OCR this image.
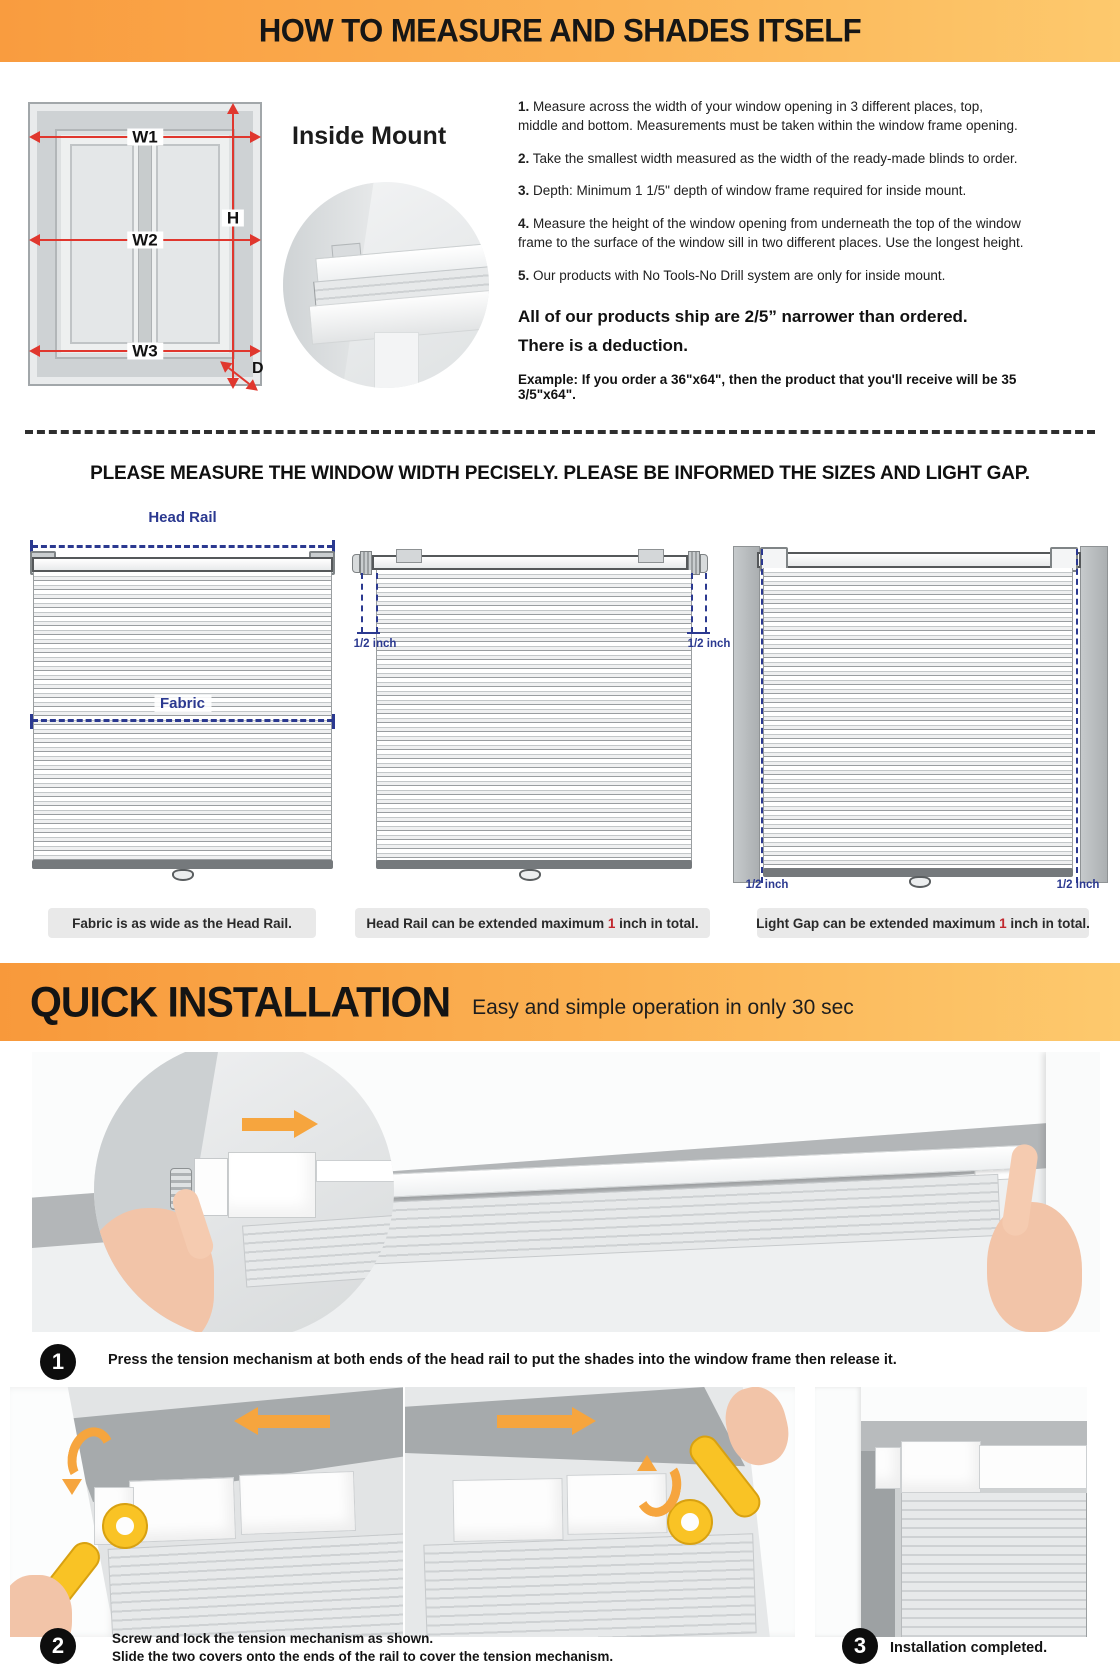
HOW TO MEASURE AND SHADES ITSELF
W1
W2
W3
H
D
Inside Mount

1. Measure across the width of your window opening in 3 different places, top, middle and bottom. Measurements must be taken within the window frame opening.

2. Take the smallest width measured as the width of the ready-made blinds to order.

3. Depth: Minimum 1 1/5" depth of window frame required for inside mount.

4. Measure the height of the window opening from underneath the top of the window frame to the surface of the window sill in two different places. Use the longest height.

5. Our products with No Tools-No Drill system are only for inside mount.

All of our products ship are 2/5” narrower than ordered.

There is a deduction.

Example: If you order a 36"x64", then the product that you'll receive will be 35 3/5"x64".

PLEASE MEASURE THE WINDOW WIDTH PECISELY. PLEASE BE INFORMED THE SIZES AND LIGHT GAP.
Head Rail
Fabric
1/2 inch	1/2 inch
1/2 inch	1/2 inch
Fabric is as wide as the Head Rail.	Head Rail can be extended maximum 1 inch in total.	Light Gap can be extended maximum 1 inch in total.
QUICK INSTALLATION Easy and simple operation in only 30 sec
1	Press the tension mechanism at both ends of the head rail to put the shades into the window frame then release it.
2	Screw and lock the tension mechanism as shown.
Slide the two covers onto the ends of the rail to cover the tension mechanism.	3 Installation completed.
